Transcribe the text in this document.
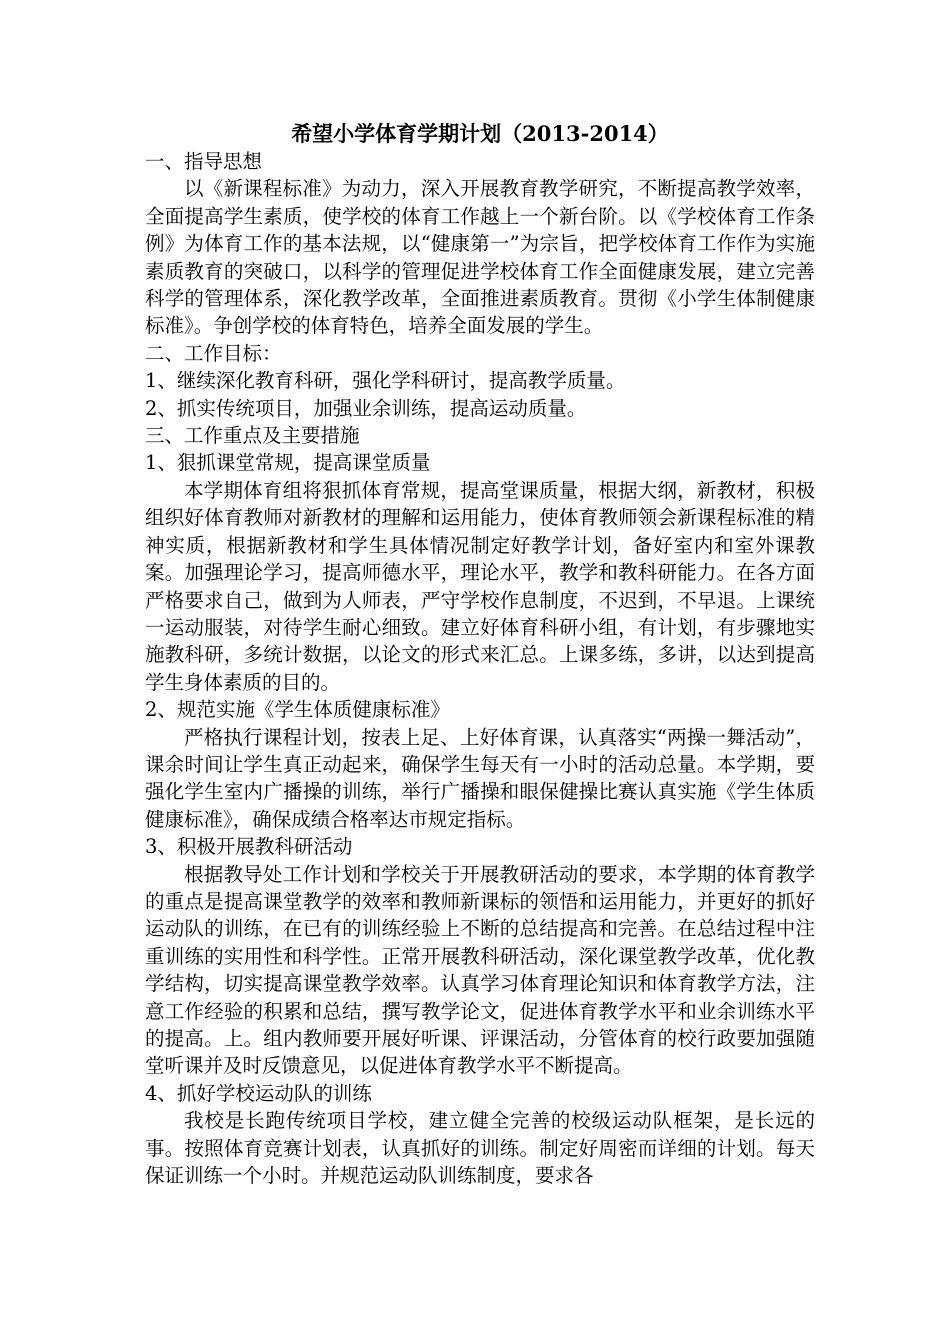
希望小学体育学期计划（2013-2014）

一、指导思想

以《新课程标准》为动力，深入开展教育教学研究，不断提高教学效率，全面提高学生素质，使学校的体育工作越上一个新台阶。以《学校体育工作条例》为体育工作的基本法规，以“健康第一”为宗旨，把学校体育工作作为实施素质教育的突破口，以科学的管理促进学校体育工作全面健康发展，建立完善科学的管理体系，深化教学改革，全面推进素质教育。贯彻《小学生体制健康标准》。争创学校的体育特色，培养全面发展的学生。

二、工作目标：

1、继续深化教育科研，强化学科研讨，提高教学质量。

2、抓实传统项目，加强业余训练，提高运动质量。

三、工作重点及主要措施

1、狠抓课堂常规，提高课堂质量

本学期体育组将狠抓体育常规，提高堂课质量，根据大纲，新教材，积极组织好体育教师对新教材的理解和运用能力，使体育教师领会新课程标准的精神实质，根据新教材和学生具体情况制定好教学计划，备好室内和室外课教案。加强理论学习，提高师德水平，理论水平，教学和教科研能力。在各方面严格要求自己，做到为人师表，严守学校作息制度，不迟到，不早退。上课统一运动服装，对待学生耐心细致。建立好体育科研小组，有计划，有步骤地实施教科研，多统计数据，以论文的形式来汇总。上课多练，多讲，以达到提高学生身体素质的目的。

2、规范实施《学生体质健康标准》

严格执行课程计划，按表上足、上好体育课，认真落实“两操一舞活动”，课余时间让学生真正动起来，确保学生每天有一小时的活动总量。本学期，要强化学生室内广播操的训练，举行广播操和眼保健操比赛认真实施《学生体质健康标准》，确保成绩合格率达市规定指标。

3、积极开展教科研活动

根据教导处工作计划和学校关于开展教研活动的要求，本学期的体育教学的重点是提高课堂教学的效率和教师新课标的领悟和运用能力，并更好的抓好运动队的训练，在已有的训练经验上不断的总结提高和完善。在总结过程中注重训练的实用性和科学性。正常开展教科研活动，深化课堂教学改革，优化教学结构，切实提高课堂教学效率。认真学习体育理论知识和体育教学方法，注意工作经验的积累和总结，撰写教学论文，促进体育教学水平和业余训练水平的提高。上。组内教师要开展好听课、评课活动，分管体育的校行政要加强随堂听课并及时反馈意见，以促进体育教学水平不断提高。

4、抓好学校运动队的训练

我校是长跑传统项目学校，建立健全完善的校级运动队框架，是长远的事。按照体育竞赛计划表，认真抓好的训练。制定好周密而详细的计划。每天保证训练一个小时。并规范运动队训练制度，要求各
